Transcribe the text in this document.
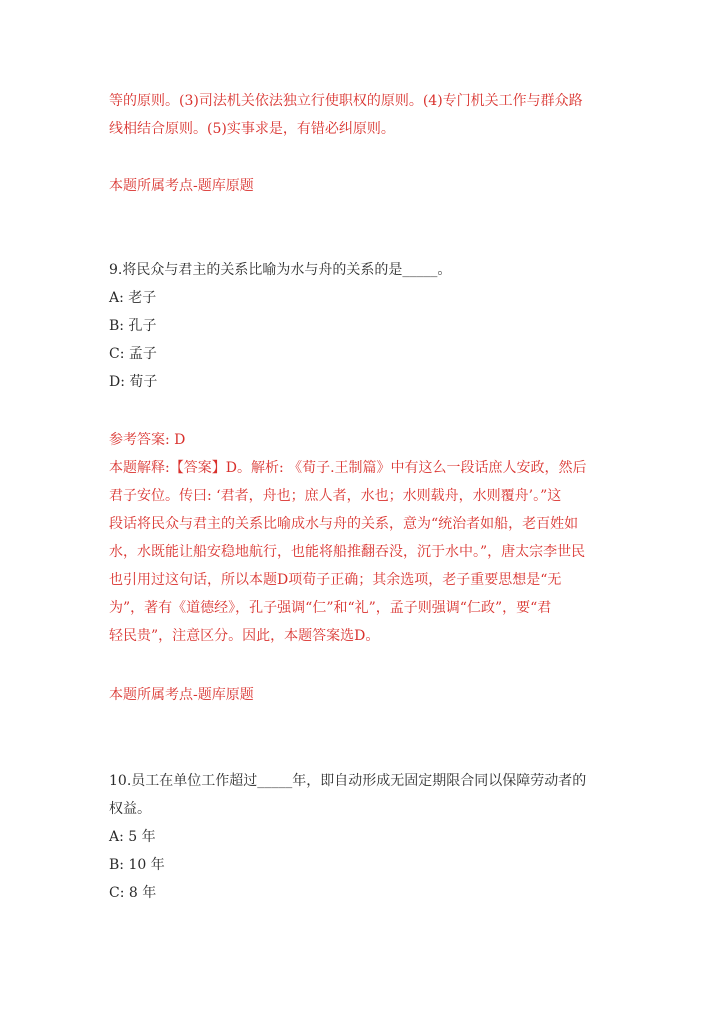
等的原则。(3)司法机关依法独立行使职权的原则。(4)专门机关工作与群众路
线相结合原则。(5)实事求是，有错必纠原则。
本题所属考点-题库原题
9.将民众与君主的关系比喻为水与舟的关系的是_____。
A: 老子
B: 孔子
C: 孟子
D: 荀子
参考答案: D
本题解释:【答案】D。解析: 《荀子.王制篇》中有这么一段话庶人安政，然后
君子安位。传曰: ‘君者，舟也；庶人者，水也；水则载舟，水则覆舟’。”这
段话将民众与君主的关系比喻成水与舟的关系，意为“统治者如船，老百姓如
水，水既能让船安稳地航行，也能将船推翻吞没，沉于水中。”，唐太宗李世民
也引用过这句话，所以本题D项荀子正确；其余选项，老子重要思想是“无
为”，著有《道德经》，孔子强调“仁”和“礼”，孟子则强调“仁政”，要“君
轻民贵”，注意区分。因此，本题答案选D。
本题所属考点-题库原题
10.员工在单位工作超过_____年，即自动形成无固定期限合同以保障劳动者的
权益。
A: 5 年
B: 10 年
C: 8 年
